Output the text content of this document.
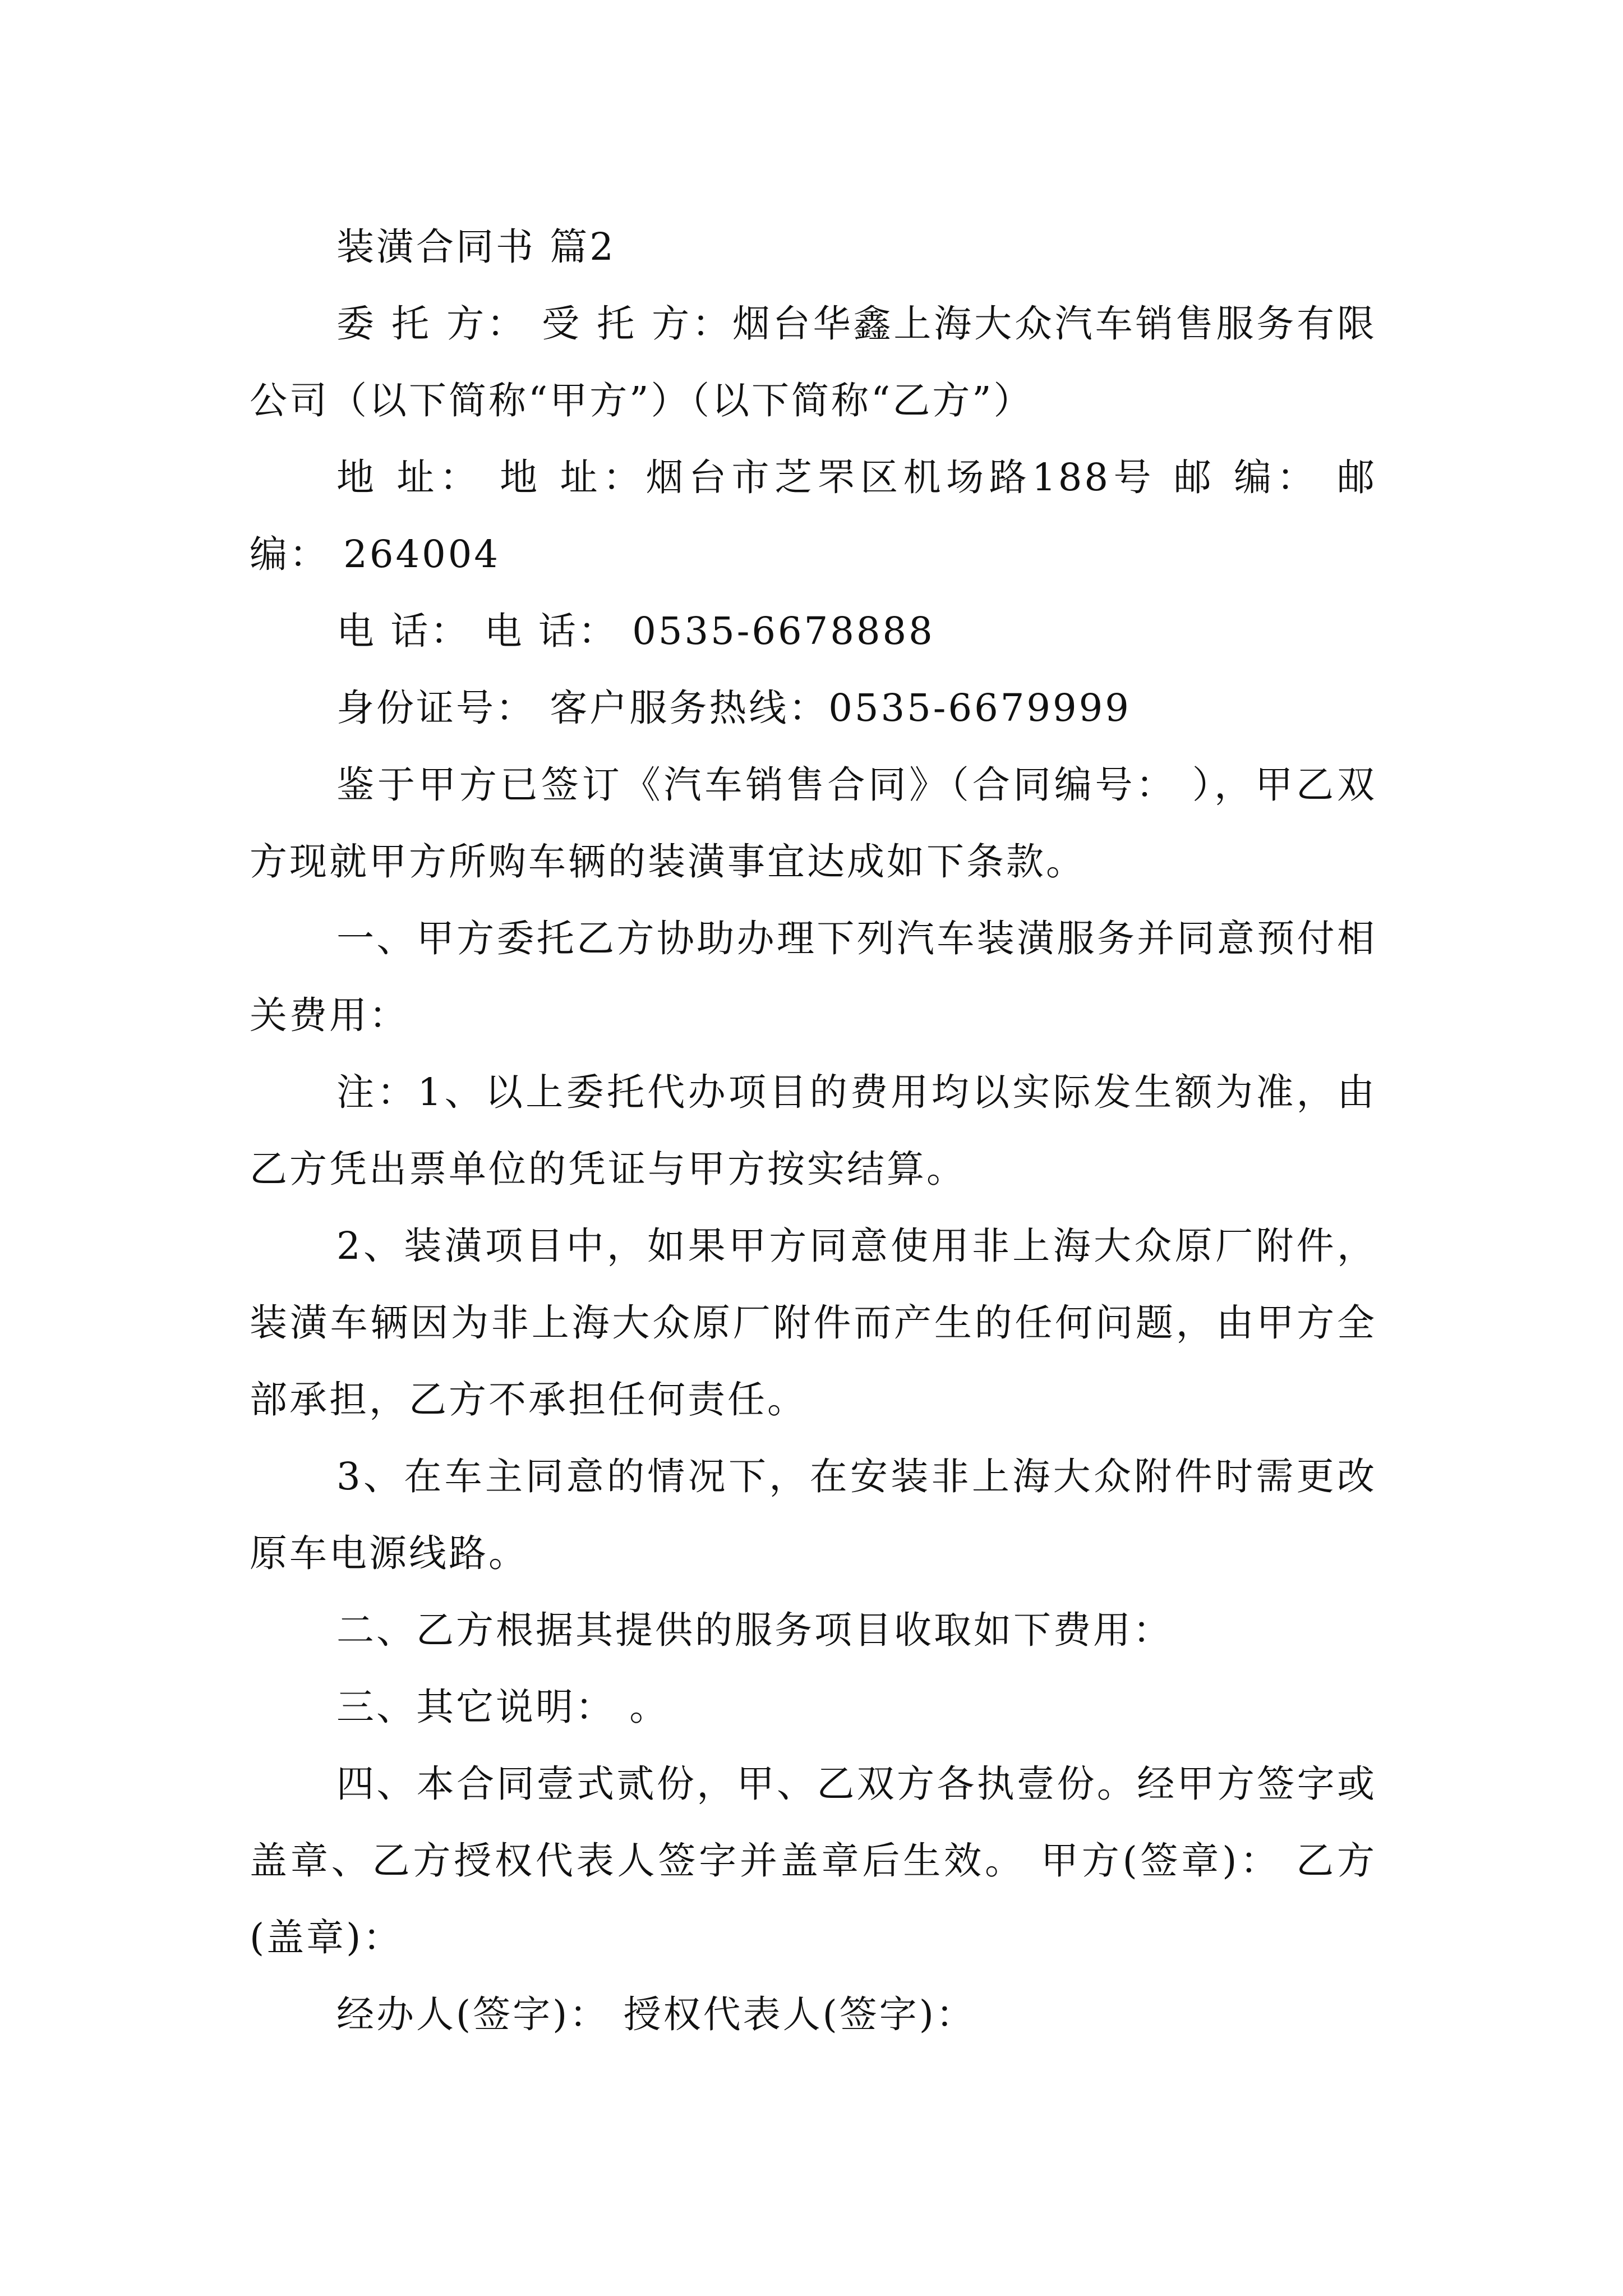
装潢合同书 篇2

委 托 方： 受 托 方：烟台华鑫上海大众汽车销售服务有限公司（以下简称“甲方”）（以下简称“乙方”）

地 址： 地 址：烟台市芝罘区机场路188号 邮 编： 邮 编： 264004

电 话： 电 话： 0535-6678888

身份证号： 客户服务热线：0535-6679999

鉴于甲方已签订《汽车销售合同》（合同编号： ），甲乙双方现就甲方所购车辆的装潢事宜达成如下条款。

一、甲方委托乙方协助办理下列汽车装潢服务并同意预付相关费用：

注：1、以上委托代办项目的费用均以实际发生额为准，由乙方凭出票单位的凭证与甲方按实结算。

2、装潢项目中，如果甲方同意使用非上海大众原厂附件，装潢车辆因为非上海大众原厂附件而产生的任何问题，由甲方全部承担，乙方不承担任何责任。

3、在车主同意的情况下，在安装非上海大众附件时需更改原车电源线路。

二、乙方根据其提供的服务项目收取如下费用：

三、其它说明： 。

四、本合同壹式贰份，甲、乙双方各执壹份。经甲方签字或盖章、乙方授权代表人签字并盖章后生效。 甲方(签章)： 乙方(盖章)：

经办人(签字)： 授权代表人(签字)：
